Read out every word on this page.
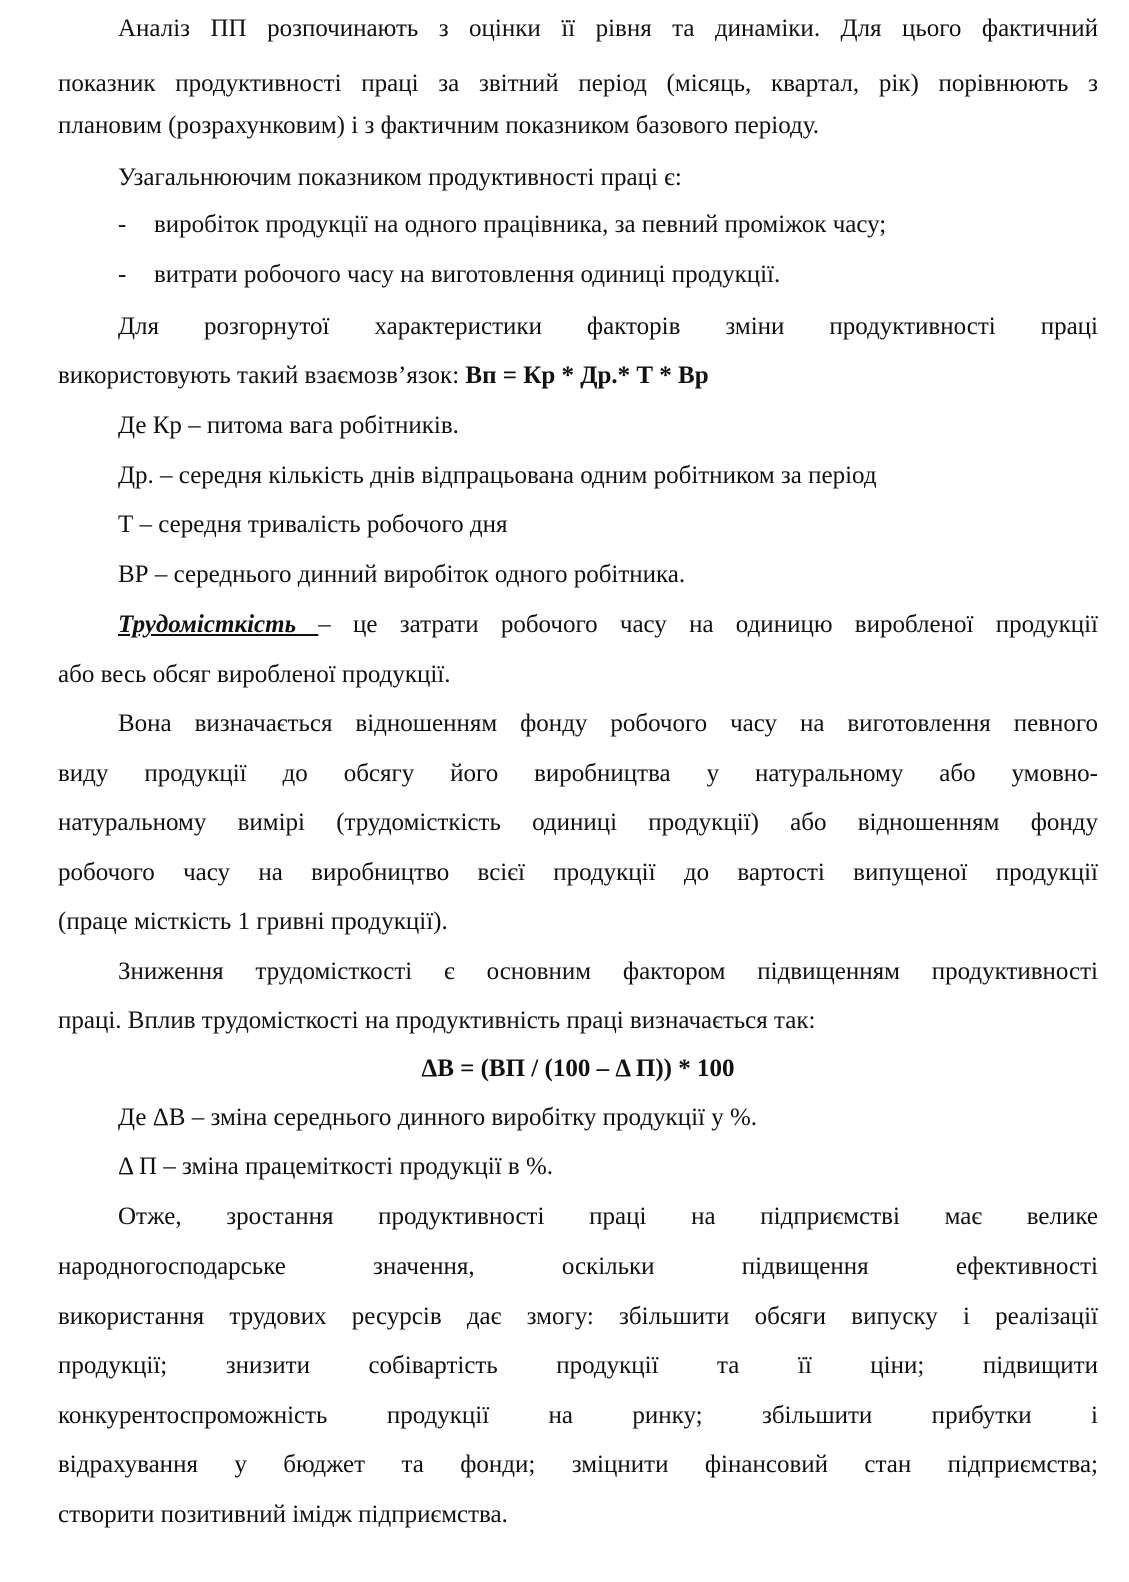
Аналіз ПП розпочинають з оцінки її рівня та динаміки. Для цього фактичний
показник продуктивності праці за звітний період (місяць, квартал, рік) порівнюють з
плановим (розрахунковим) і з фактичним показником базового періоду.
Узагальнюючим показником продуктивності праці є:
- виробіток продукції на одного працівника, за певний проміжок часу;
- витрати робочого часу на виготовлення одиниці продукції.
Для розгорнутої характеристики факторів зміни продуктивності праці
використовують такий взаємозв’язок: Вп = Кр * Др.* Т * Вр
Де Кр – питома вага робітників.
Др. – середня кількість днів відпрацьована одним робітником за період
Т – середня тривалість робочого дня
ВР – середнього динний виробіток одного робітника.
Трудомісткість – це затрати робочого часу на одиницю виробленої продукції
або весь обсяг виробленої продукції.
Вона визначається відношенням фонду робочого часу на виготовлення певного
виду продукції до обсягу його виробництва у натуральному або умовно-
натуральному вимірі (трудомісткість одиниці продукції) або відношенням фонду
робочого часу на виробництво всієї продукції до вартості випущеної продукції
(праце місткість 1 гривні продукції).
Зниження трудомісткості є основним фактором підвищенням продуктивності
праці. Вплив трудомісткості на продуктивність праці визначається так:
ΔВ = (ВП / (100 – Δ П)) * 100
Де ΔВ – зміна середнього динного виробітку продукції у %.
Δ П – зміна працеміткості продукції в %.
Отже, зростання продуктивності праці на підприємстві має велике
народногосподарське значення, оскільки підвищення ефективності
використання трудових ресурсів дає змогу: збільшити обсяги випуску і реалізації
продукції; знизити собівартість продукції та її ціни; підвищити
конкурентоспроможність продукції на ринку; збільшити прибутки і
відрахування у бюджет та фонди; зміцнити фінансовий стан підприємства;
створити позитивний імідж підприємства.
